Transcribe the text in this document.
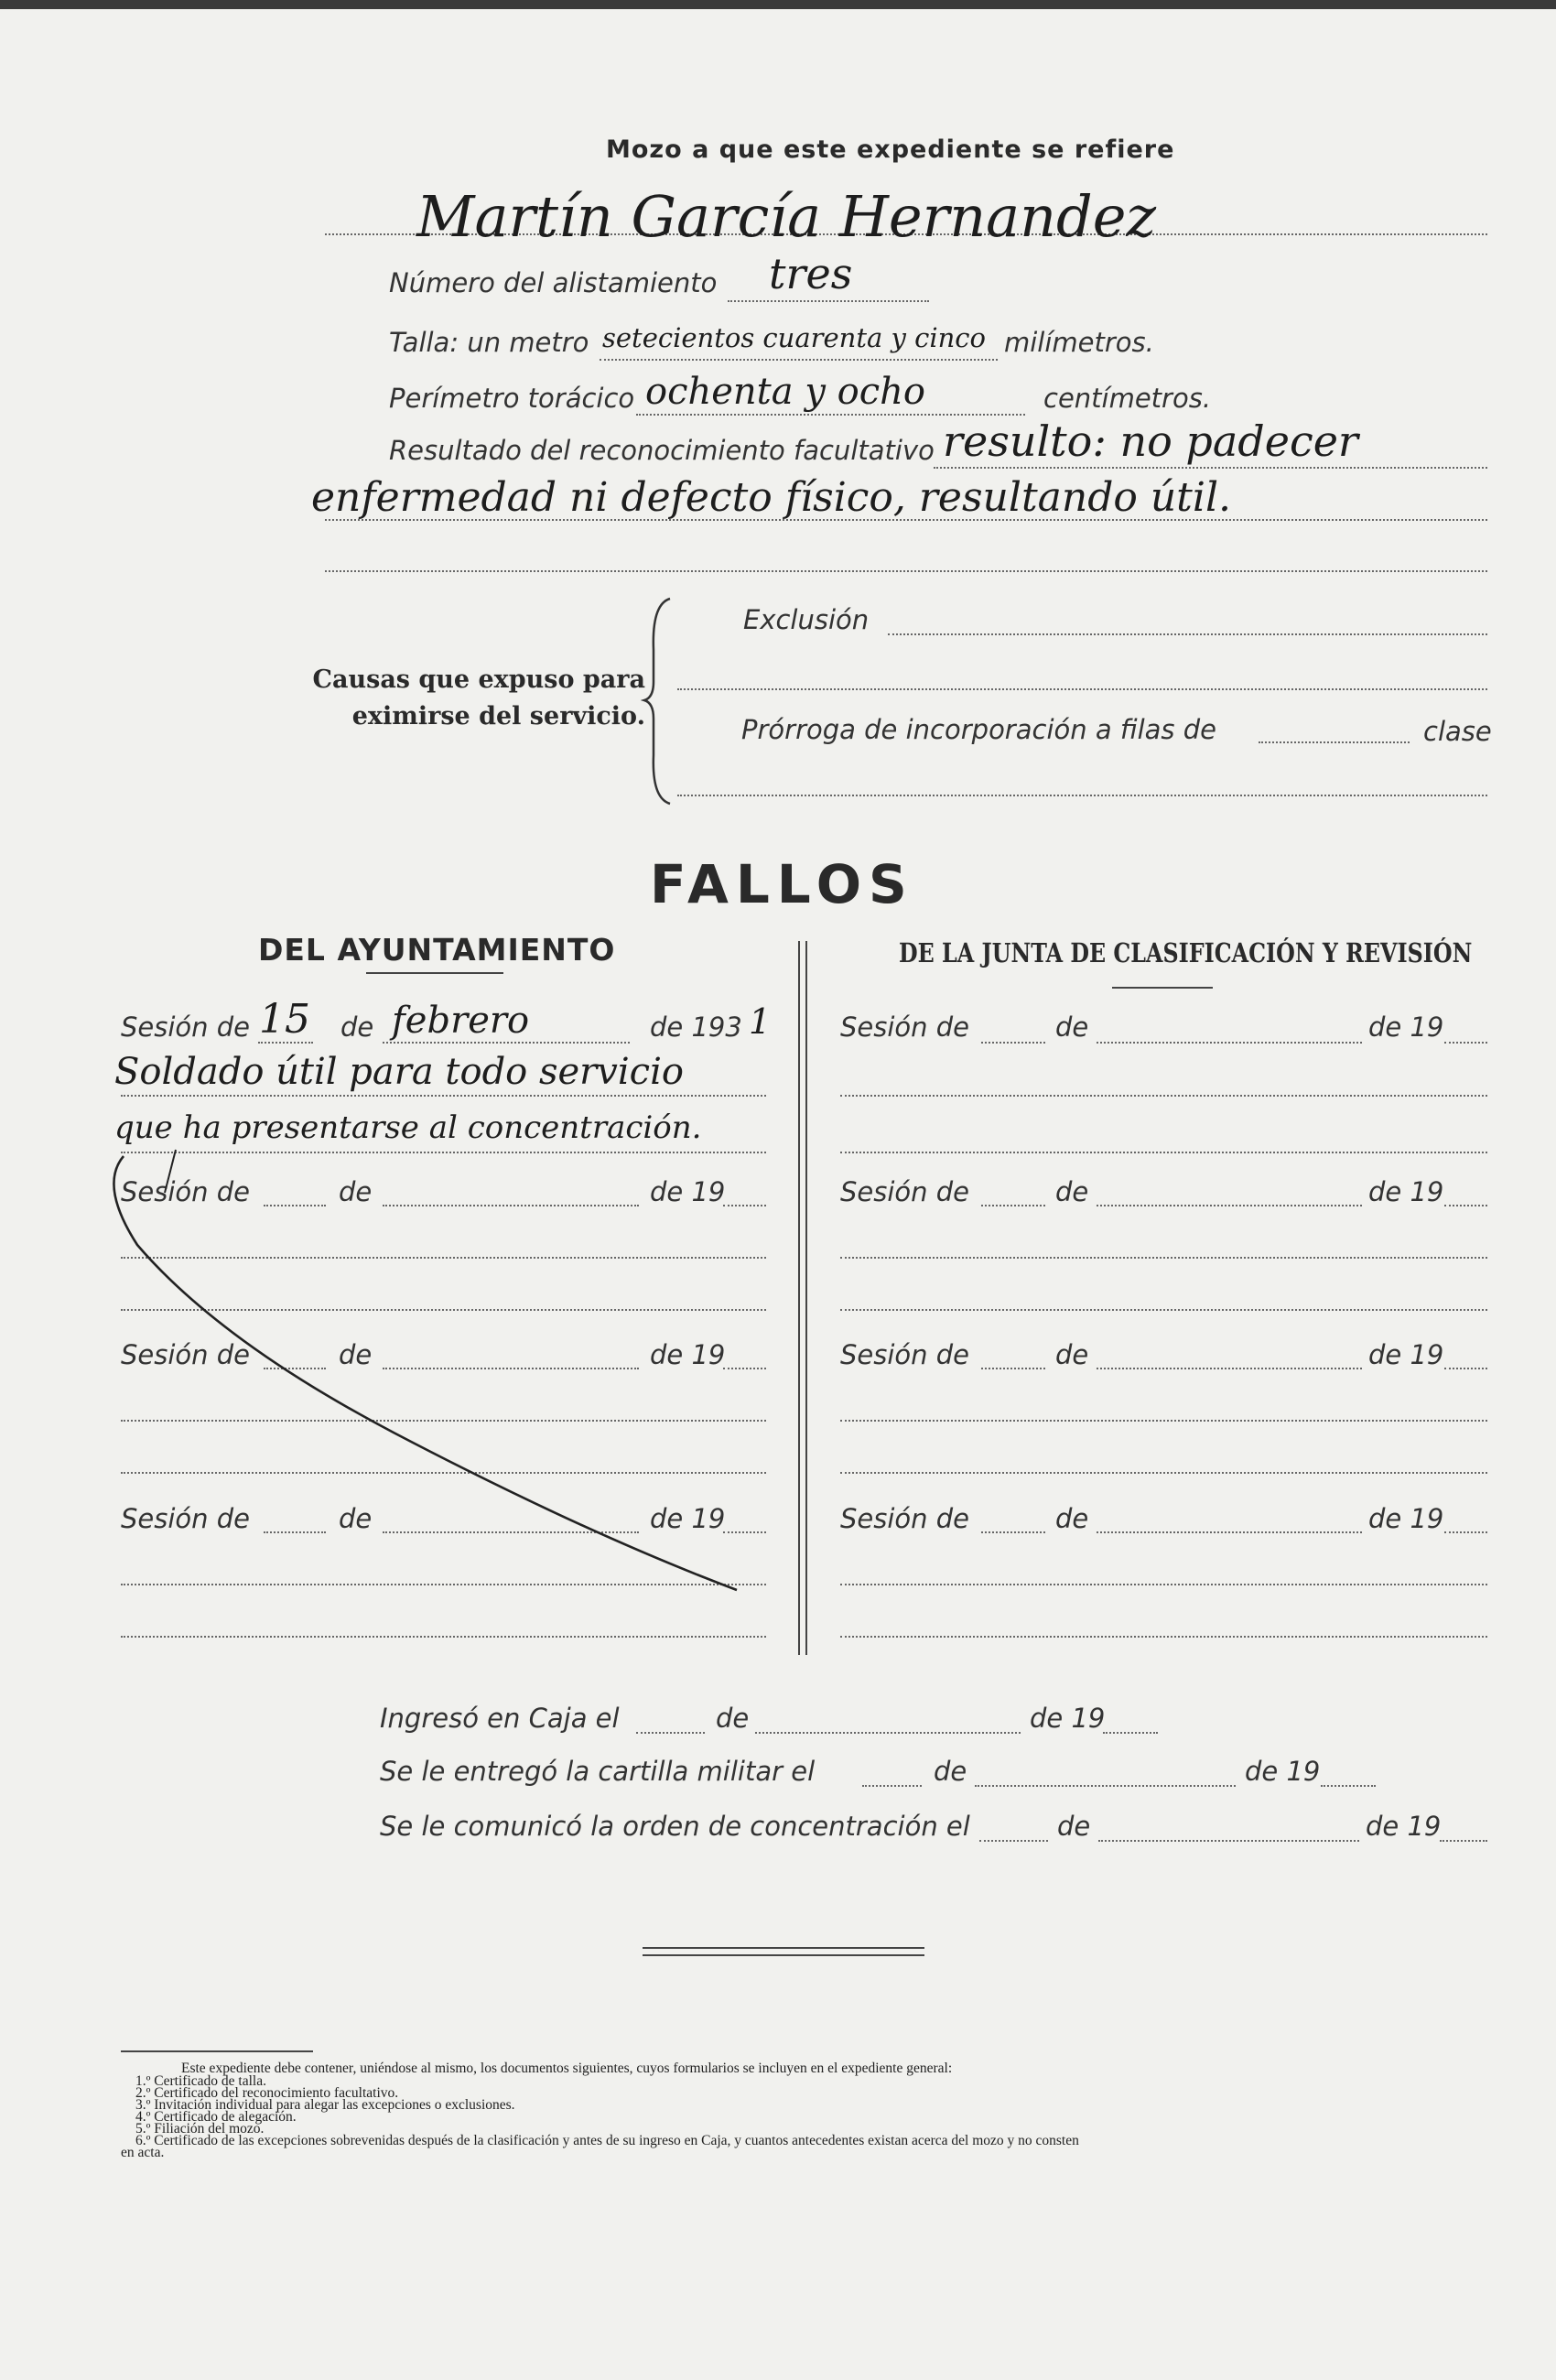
Mozo a que este expediente se refiere
Martín García Hernandez
Número del alistamiento tres
Talla: un metro setecientos cuarenta y cinco milímetros.
Perímetro torácico ochenta y ocho	centímetros.
Resultado del reconocimiento facultativo resulto: no padecer
enfermedad ni defecto físico, resultando útil.
Causas que expuso para
eximirse del servicio.
Exclusión
Prórroga de incorporación a filas de	clase
FALLOS
DEL AYUNTAMIENTO	DE LA JUNTA DE CLASIFICACIÓN Y REVISIÓN
Sesión de 15 de febrero	de 193 1
Soldado útil para todo servicio
que ha presentarse al concentración.
Sesión de	de	de 19
Sesión de	de	de 19
Sesión de	de	de 19
Sesión de	de	de 19
Sesión de	de	de 19
Sesión de	de	de 19
Sesión de	de	de 19
Ingresó en Caja el	de	de 19
Se le entregó la cartilla militar el	de	de 19
Se le comunicó la orden de concentración el	de	de 19
Este expediente debe contener, uniéndose al mismo, los documentos siguientes, cuyos formularios se incluyen en el expediente general:
1.º Certificado de talla.
2.º Certificado del reconocimiento facultativo.
3.º Invitación individual para alegar las excepciones o exclusiones.
4.º Certificado de alegación.
5.º Filiación del mozo.
6.º Certificado de las excepciones sobrevenidas después de la clasificación y antes de su ingreso en Caja, y cuantos antecedentes existan acerca del mozo y no consten
en acta.
